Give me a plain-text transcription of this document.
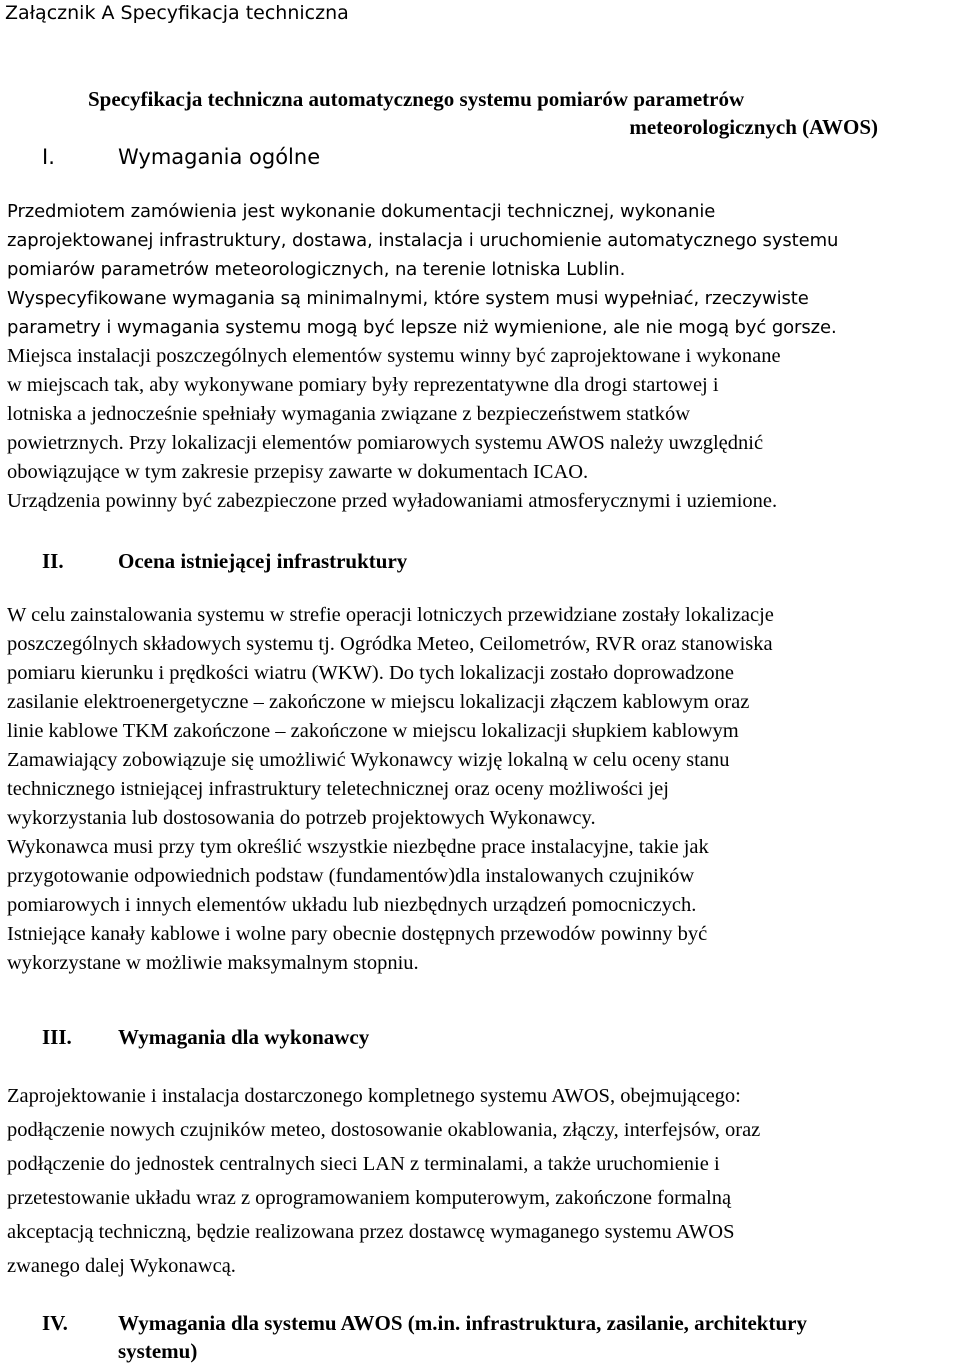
Załącznik A Specyfikacja techniczna
Specyfikacja techniczna automatycznego systemu pomiarów parametrów
meteorologicznych (AWOS)
I.	Wymagania ogólne

Przedmiotem zamówienia jest wykonanie dokumentacji technicznej, wykonanie

zaprojektowanej infrastruktury, dostawa, instalacja i uruchomienie automatycznego systemu

pomiarów parametrów meteorologicznych, na terenie lotniska Lublin.

Wyspecyfikowane wymagania są minimalnymi, które system musi wypełniać, rzeczywiste

parametry i wymagania systemu mogą być lepsze niż wymienione, ale nie mogą być gorsze.

Miejsca instalacji poszczególnych elementów systemu winny być zaprojektowane i wykonane

w miejscach tak, aby wykonywane pomiary były reprezentatywne dla drogi startowej i

lotniska a jednocześnie spełniały wymagania związane z bezpieczeństwem statków

powietrznych. Przy lokalizacji elementów pomiarowych systemu AWOS należy uwzględnić

obowiązujące w tym zakresie przepisy zawarte w dokumentach ICAO.

Urządzenia powinny być zabezpieczone przed wyładowaniami atmosferycznymi i uziemione.

II.	Ocena istniejącej infrastruktury

W celu zainstalowania systemu w strefie operacji lotniczych przewidziane zostały lokalizacje

poszczególnych składowych systemu tj. Ogródka Meteo, Ceilometrów, RVR oraz stanowiska

pomiaru kierunku i prędkości wiatru (WKW). Do tych lokalizacji zostało doprowadzone

zasilanie elektroenergetyczne – zakończone w miejscu lokalizacji złączem kablowym oraz

linie kablowe TKM zakończone – zakończone w miejscu lokalizacji słupkiem kablowym

Zamawiający zobowiązuje się umożliwić Wykonawcy wizję lokalną w celu oceny stanu

technicznego istniejącej infrastruktury teletechnicznej oraz oceny możliwości jej

wykorzystania lub dostosowania do potrzeb projektowych Wykonawcy.

Wykonawca musi przy tym określić wszystkie niezbędne prace instalacyjne, takie jak

przygotowanie odpowiednich podstaw (fundamentów)dla instalowanych czujników

pomiarowych i innych elementów układu lub niezbędnych urządzeń pomocniczych.

Istniejące kanały kablowe i wolne pary obecnie dostępnych przewodów powinny być

wykorzystane w możliwie maksymalnym stopniu.

III. Wymagania dla wykonawcy

Zaprojektowanie i instalacja dostarczonego kompletnego systemu AWOS, obejmującego:

podłączenie nowych czujników meteo, dostosowanie okablowania, złączy, interfejsów, oraz

podłączenie do jednostek centralnych sieci LAN z terminalami, a także uruchomienie i

przetestowanie układu wraz z oprogramowaniem komputerowym, zakończone formalną

akceptacją techniczną, będzie realizowana przez dostawcę wymaganego systemu AWOS

zwanego dalej Wykonawcą.

IV. Wymagania dla systemu AWOS (m.in. infrastruktura, zasilanie, architektury
systemu)
